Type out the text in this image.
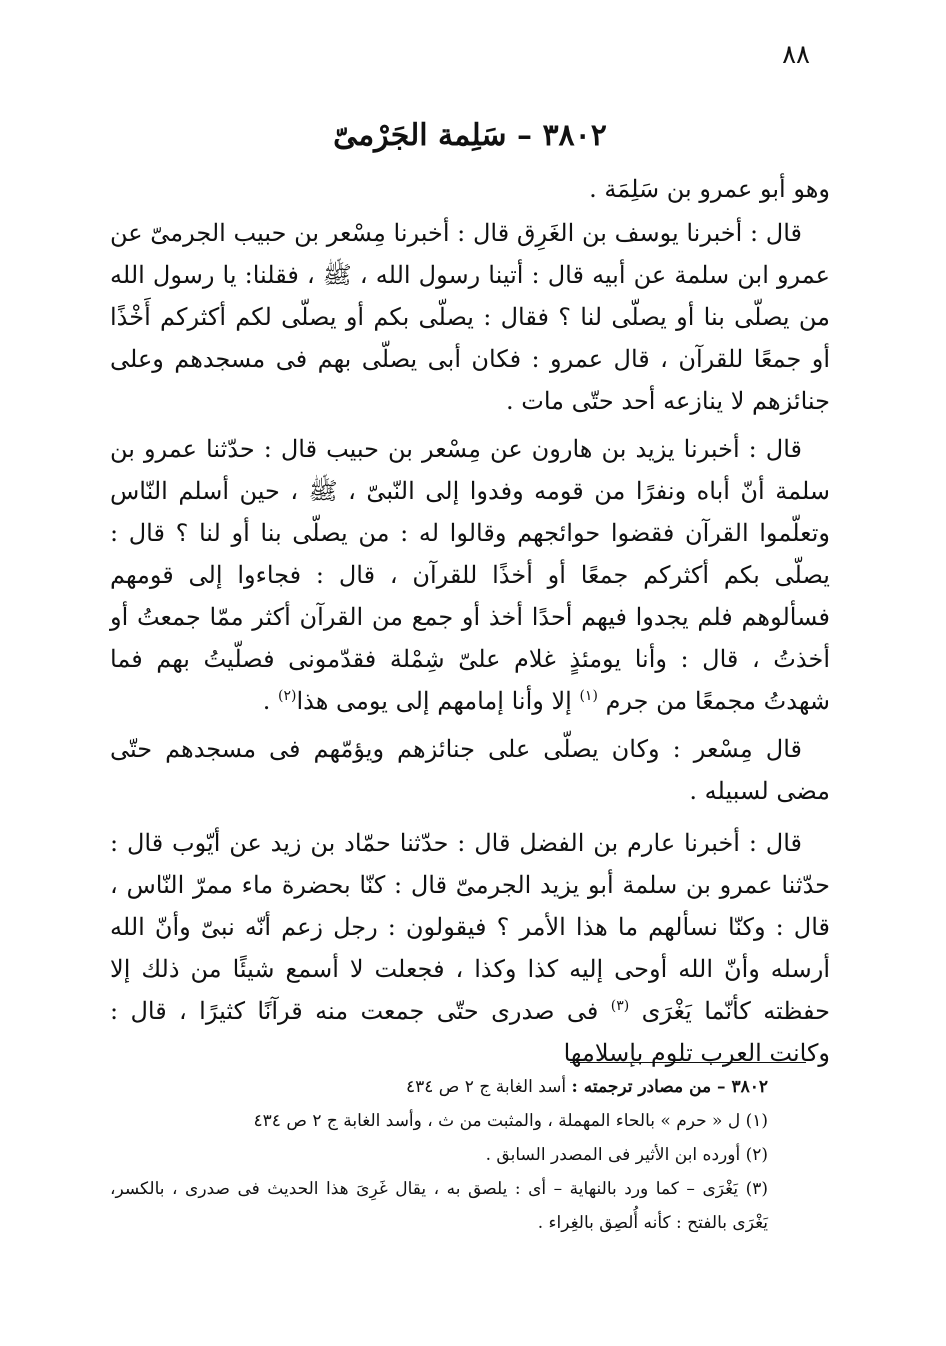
٨٨
٣٨٠٢ – سَلِمة الجَرْمىّ
وهو أبو عمرو بن سَلِمَة .
قال : أخبرنا يوسف بن الغَرِق قال : أخبرنا مِسْعر بن حبيب الجرمىّ عن عمرو ابن سلمة عن أبيه قال : أتينا رسول الله ، ﷺ ، فقلنا: يا رسول الله من يصلّى بنا أو يصلّى لنا ؟ فقال : يصلّى بكم أو يصلّى لكم أكثركم أَخْذًا أو جمعًا للقرآن ، قال عمرو : فكان أبى يصلّى بهم فى مسجدهم وعلى جنائزهم لا ينازعه أحد حتّى مات .
قال : أخبرنا يزيد بن هارون عن مِسْعر بن حبيب قال : حدّثنا عمرو بن سلمة أنّ أباه ونفرًا من قومه وفدوا إلى النّبىّ ، ﷺ ، حين أسلم النّاس وتعلّموا القرآن فقضوا حوائجهم وقالوا له : من يصلّى بنا أو لنا ؟ قال : يصلّى بكم أكثركم جمعًا أو أخذًا للقرآن ، قال : فجاءوا إلى قومهم فسألوهم فلم يجدوا فيهم أحدًا أخذ أو جمع من القرآن أكثر ممّا جمعتُ أو أخذتُ ، قال : وأنا يومئذٍ غلام علىّ شِمْلة فقدّمونى فصلّيتُ بهم فما شهدتُ مجمعًا من جرم $^{(١)}$ إلا وأنا إمامهم إلى يومى هذا$^{(٢)}$ .
قال مِسْعر : وكان يصلّى على جنائزهم ويؤمّهم فى مسجدهم حتّى مضى لسبيله .
قال : أخبرنا عارم بن الفضل قال : حدّثنا حمّاد بن زيد عن أيّوب قال : حدّثنا عمرو بن سلمة أبو يزيد الجرمىّ قال : كنّا بحضرة ماء ممرّ النّاس ، قال : وكنّا نسألهم ما هذا الأمر ؟ فيقولون : رجل زعم أنّه نبىّ وأنّ الله أرسله وأنّ الله أوحى إليه كذا وكذا ، فجعلت لا أسمع شيئًا من ذلك إلا حفظته كأنّما يَغْرَى $^{(٣)}$ فى صدرى حتّى جمعت منه قرآنًا كثيرًا ، قال : وكانت العرب تلوم بإسلامها
٣٨٠٢ – من مصادر ترجمته : أسد الغابة ج ٢ ص ٤٣٤
(١) ل « حرم » بالحاء المهملة ، والمثبت من ث ، وأسد الغابة ج ٢ ص ٤٣٤
(٢) أورده ابن الأثير فى المصدر السابق .
(٣) يَغْرَى – كما ورد بالنهاية – أى : يلصق به ، يقال غَرِىَ هذا الحديث فى صدرى ، بالكسر، يَغْرَى بالفتح : كأنه أُلصِق بالغِراء .
